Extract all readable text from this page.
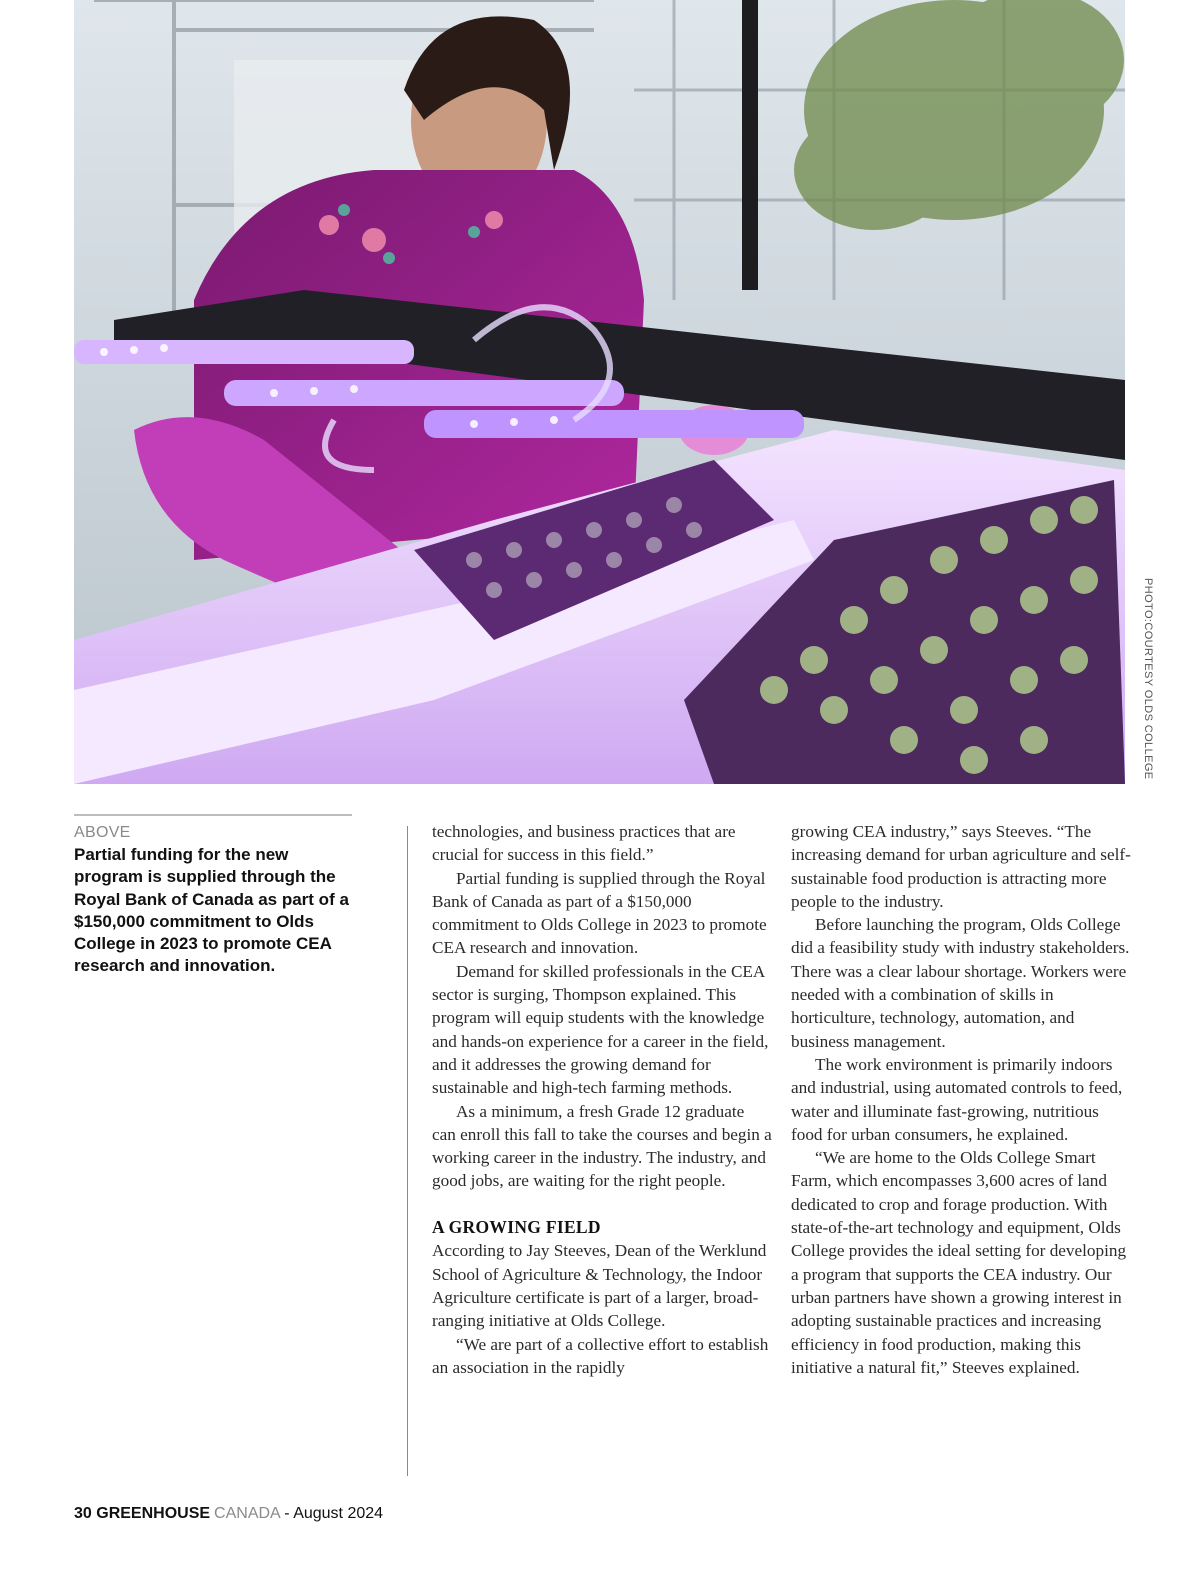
PHOTO:COURTESY OLDS COLLEGE

ABOVE

Partial funding for the new program is supplied through the Royal Bank of Canada as part of a $150,000 commitment to Olds College in 2023 to promote CEA research and innovation.

technologies, and business practices that are crucial for success in this field.”

Partial funding is supplied through the Royal Bank of Canada as part of a $150,000 commitment to Olds College in 2023 to promote CEA research and innovation.

Demand for skilled professionals in the CEA sector is surging, Thompson explained. This program will equip students with the knowledge and hands-on experience for a career in the field, and it addresses the growing demand for sustainable and high-tech farming methods.

As a minimum, a fresh Grade 12 graduate can enroll this fall to take the courses and begin a working career in the industry. The industry, and good jobs, are waiting for the right people.

A GROWING FIELD

According to Jay Steeves, Dean of the Werklund School of Agriculture & Technology, the Indoor Agriculture certificate is part of a larger, broad-ranging initiative at Olds College.

“We are part of a collective effort to establish an association in the rapidly

growing CEA industry,” says Steeves. “The increasing demand for urban agriculture and self-sustainable food production is attracting more people to the industry.

Before launching the program, Olds College did a feasibility study with industry stakeholders. There was a clear labour shortage. Workers were needed with a combination of skills in horticulture, technology, automation, and business management.

The work environment is primarily indoors and industrial, using automated controls to feed, water and illuminate fast-growing, nutritious food for urban consumers, he explained.

“We are home to the Olds College Smart Farm, which encompasses 3,600 acres of land dedicated to crop and forage production. With state-of-the-art technology and equipment, Olds College provides the ideal setting for developing a program that supports the CEA industry. Our urban partners have shown a growing interest in adopting sustainable practices and increasing efficiency in food production, making this initiative a natural fit,” Steeves explained.

30 GREENHOUSE CANADA - August 2024
